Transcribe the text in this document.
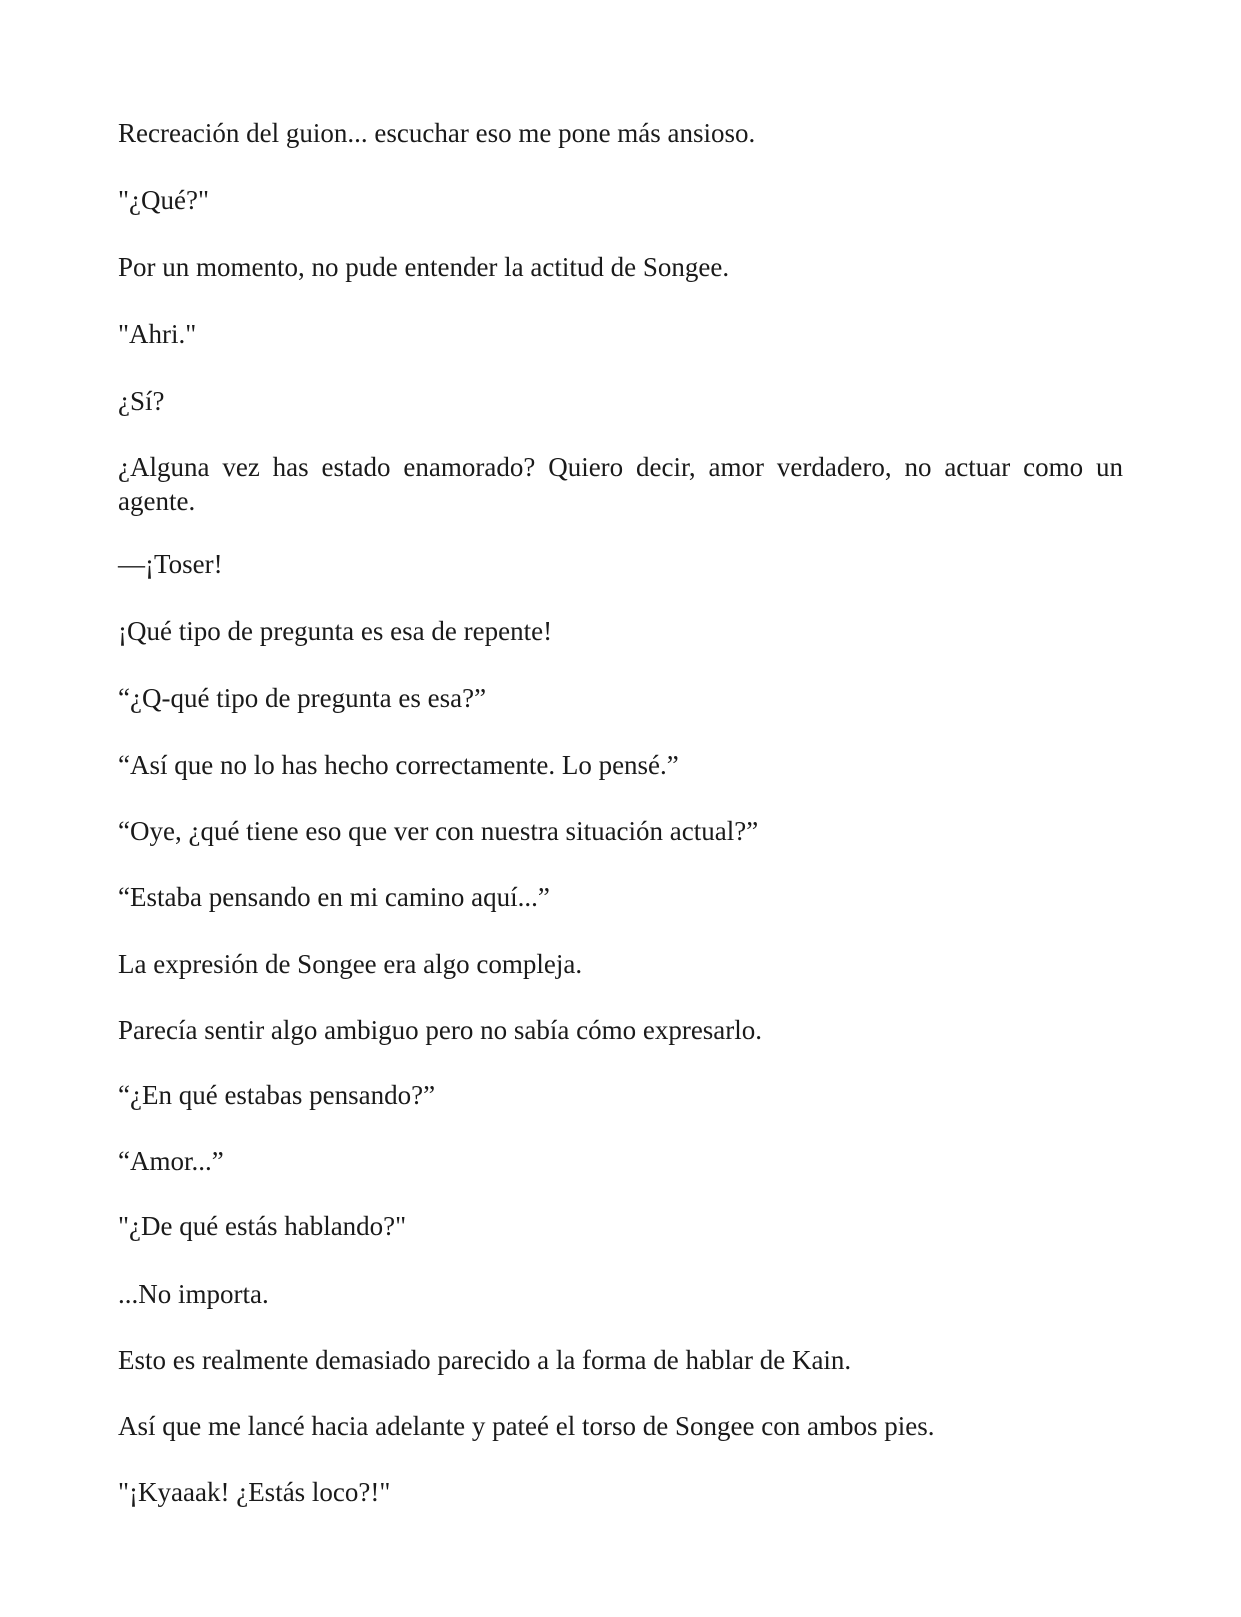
Recreación del guion... escuchar eso me pone más ansioso.

"¿Qué?"

Por un momento, no pude entender la actitud de Songee.

"Ahri."

¿Sí?

¿Alguna vez has estado enamorado? Quiero decir, amor verdadero, no actuar como un agente.

—¡Toser!

¡Qué tipo de pregunta es esa de repente!

“¿Q-qué tipo de pregunta es esa?”

“Así que no lo has hecho correctamente. Lo pensé.”

“Oye, ¿qué tiene eso que ver con nuestra situación actual?”

“Estaba pensando en mi camino aquí...”

La expresión de Songee era algo compleja.

Parecía sentir algo ambiguo pero no sabía cómo expresarlo.

“¿En qué estabas pensando?”

“Amor...”

"¿De qué estás hablando?"

...No importa.

Esto es realmente demasiado parecido a la forma de hablar de Kain.

Así que me lancé hacia adelante y pateé el torso de Songee con ambos pies.

"¡Kyaaak! ¿Estás loco?!"
